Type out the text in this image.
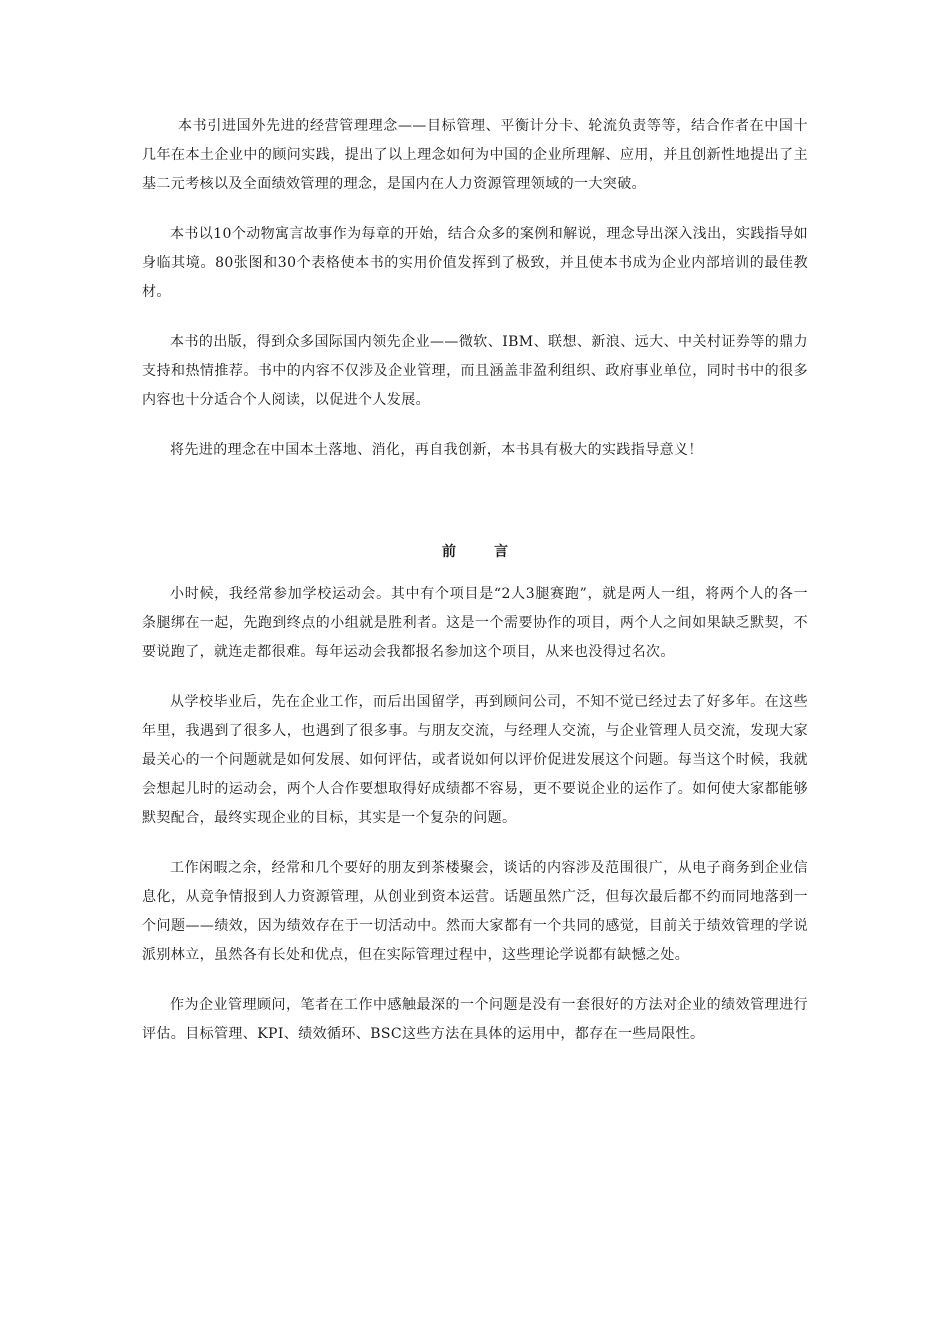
本书引进国外先进的经营管理理念——目标管理、平衡计分卡、轮流负责等等，结合作者在中国十几年在本土企业中的顾问实践，提出了以上理念如何为中国的企业所理解、应用，并且创新性地提出了主基二元考核以及全面绩效管理的理念，是国内在人力资源管理领域的一大突破。

本书以10个动物寓言故事作为每章的开始，结合众多的案例和解说，理念导出深入浅出，实践指导如身临其境。80张图和30个表格使本书的实用价值发挥到了极致，并且使本书成为企业内部培训的最佳教材。

本书的出版，得到众多国际国内领先企业——微软、IBM、联想、新浪、远大、中关村证券等的鼎力支持和热情推荐。书中的内容不仅涉及企业管理，而且涵盖非盈利组织、政府事业单位，同时书中的很多内容也十分适合个人阅读，以促进个人发展。

将先进的理念在中国本土落地、消化，再自我创新，本书具有极大的实践指导意义！

前	言

小时候，我经常参加学校运动会。其中有个项目是“2人3腿赛跑”，就是两人一组，将两个人的各一条腿绑在一起，先跑到终点的小组就是胜利者。这是一个需要协作的项目，两个人之间如果缺乏默契，不要说跑了，就连走都很难。每年运动会我都报名参加这个项目，从来也没得过名次。

从学校毕业后，先在企业工作，而后出国留学，再到顾问公司，不知不觉已经过去了好多年。在这些年里，我遇到了很多人，也遇到了很多事。与朋友交流，与经理人交流，与企业管理人员交流，发现大家最关心的一个问题就是如何发展、如何评估，或者说如何以评价促进发展这个问题。每当这个时候，我就会想起儿时的运动会，两个人合作要想取得好成绩都不容易，更不要说企业的运作了。如何使大家都能够默契配合，最终实现企业的目标，其实是一个复杂的问题。

工作闲暇之余，经常和几个要好的朋友到茶楼聚会，谈话的内容涉及范围很广，从电子商务到企业信息化，从竞争情报到人力资源管理，从创业到资本运营。话题虽然广泛，但每次最后都不约而同地落到一个问题——绩效，因为绩效存在于一切活动中。然而大家都有一个共同的感觉，目前关于绩效管理的学说派别林立，虽然各有长处和优点，但在实际管理过程中，这些理论学说都有缺憾之处。

作为企业管理顾问，笔者在工作中感触最深的一个问题是没有一套很好的方法对企业的绩效管理进行评估。目标管理、KPI、绩效循环、BSC这些方法在具体的运用中，都存在一些局限性。
